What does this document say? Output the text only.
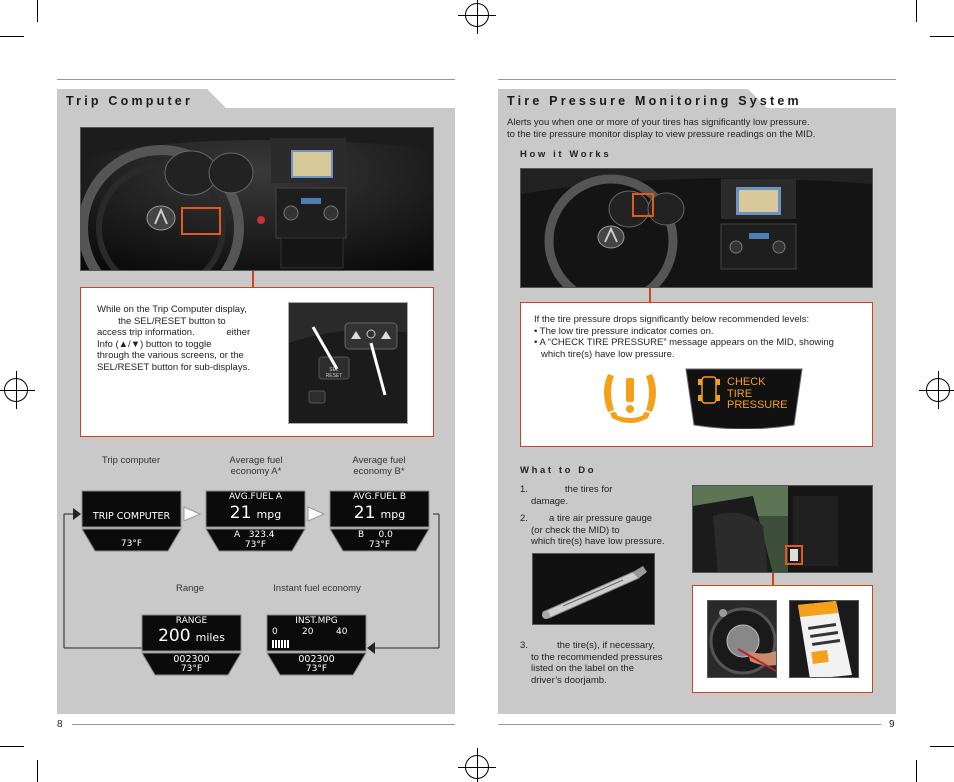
Trip Computer
While on the Trip Computer display,
the SEL/RESET button to
access trip information.            either
Info (▲/▼) button to toggle
through the various screens, or the
SEL/RESET button for sub-displays.	SEL
RESET
Trip computer	Average fuel
economy A*
Average fuel
economy B*
TRIP COMPUTER
73°F
AVG.FUEL A
21 mpg
A 323.4
73°F
AVG.FUEL B
21 mpg
B 0.0
73°F
Range	Instant fuel economy
RANGE
200 miles
002300
73°F
INST.MPG
0	20	40
002300
73°F
8
Tire Pressure Monitoring System
Alerts you when one or more of your tires has significantly low pressure.
to the tire pressure monitor display to view pressure readings on the MID.
How it Works
If the tire pressure drops significantly below recommended levels:
• The low tire pressure indicator comes on.
• A “CHECK TIRE PRESSURE” message appears on the MID, showing
which tire(s) have low pressure.
CHECK
TIRE
PRESSURE
What to Do
1.              the tires for
damage.
2.        a tire air pressure gauge
(or check the MID) to
which tire(s) have low pressure.
3.           the tire(s), if necessary,
to the recommended pressures
listed on the label on the
driver’s doorjamb.
9
